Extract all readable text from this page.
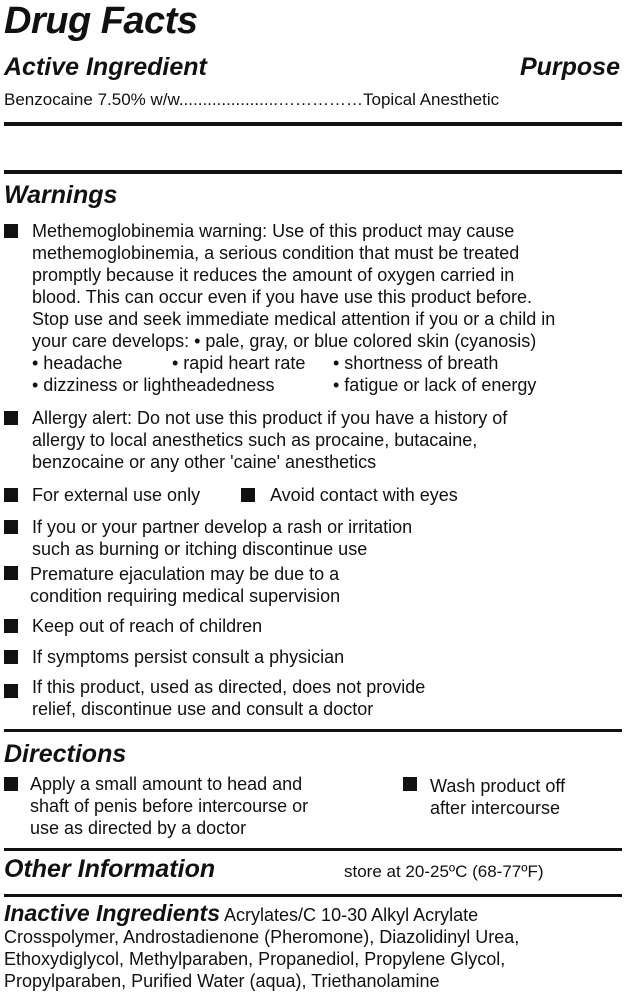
Drug Facts
Active Ingredient	Purpose
Benzocaine 7.50% w/w.....................……………Topical Anesthetic
Warnings
Methemoglobinemia warning: Use of this product may cause
methemoglobinemia, a serious condition that must be treated
promptly because it reduces the amount of oxygen carried in
blood. This can occur even if you have use this product before.
Stop use and seek immediate medical attention if you or a child in
your care develops: • pale, gray, or blue colored skin (cyanosis)
• headache	• rapid heart rate • shortness of breath
• dizziness or lightheadedness	• fatigue or lack of energy
Allergy alert: Do not use this product if you have a history of
allergy to local anesthetics such as procaine, butacaine,
benzocaine or any other 'caine' anesthetics
For external use only	Avoid contact with eyes
If you or your partner develop a rash or irritation
such as burning or itching discontinue use
Premature ejaculation may be due to a
condition requiring medical supervision
Keep out of reach of children
If symptoms persist consult a physician
If this product, used as directed, does not provide
relief, discontinue use and consult a doctor
Directions
Apply a small amount to head and
shaft of penis before intercourse or
use as directed by a doctor
Wash product off
after intercourse
Other Information	store at 20-25ºC (68-77ºF)
Inactive Ingredients Acrylates/C 10-30 Alkyl Acrylate
Crosspolymer, Androstadienone (Pheromone), Diazolidinyl Urea,
Ethoxydiglycol, Methylparaben, Propanediol, Propylene Glycol,
Propylparaben, Purified Water (aqua), Triethanolamine
